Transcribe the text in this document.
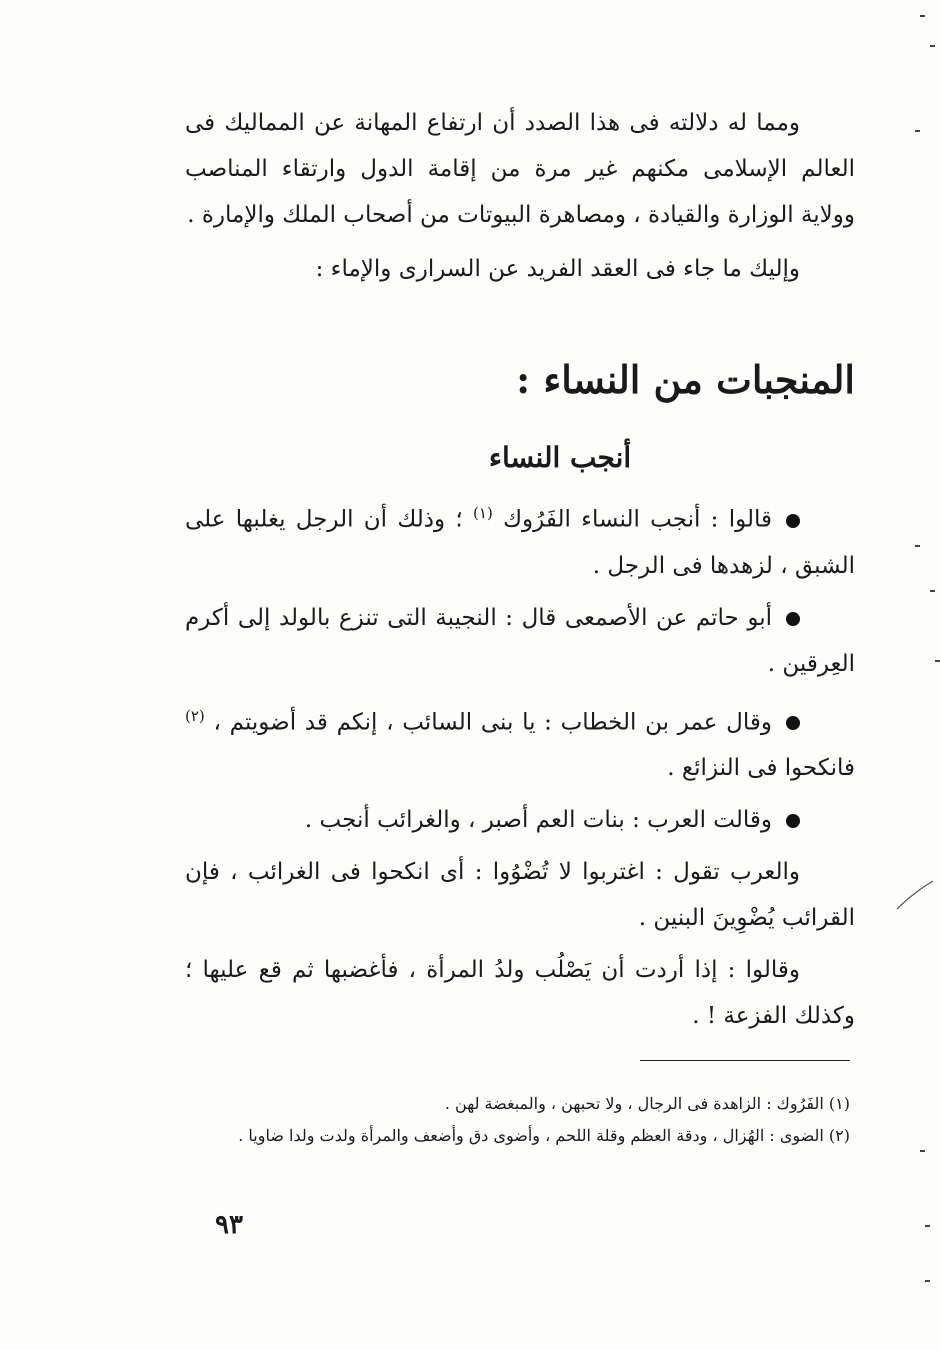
ومما له دلالته فى هذا الصدد أن ارتفاع المهانة عن المماليك فى العالم الإسلامى مكنهم غير مرة من إقامة الدول وارتقاء المناصب وولاية الوزارة والقيادة ، ومصاهرة البيوتات من أصحاب الملك والإمارة .

وإليك ما جاء فى العقد الفريد عن السرارى والإماء :

المنجبات من النساء :
أنجب النساء

قالوا : أنجب النساء الفَرُوك $^{(١)}$ ؛ وذلك أن الرجل يغلبها على الشبق ، لزهدها فى الرجل .

أبو حاتم عن الأصمعى قال : النجيبة التى تنزع بالولد إلى أكرم العِرقين .

وقال عمر بن الخطاب : يا بنى السائب ، إنكم قد أضويتم ، $^{(٢)}$ فانكحوا فى النزائع .

وقالت العرب : بنات العم أصبر ، والغرائب أنجب .

والعرب تقول : اغتربوا لا تُضْوُوا : أى انكحوا فى الغرائب ، فإن القرائب يُضْوِينَ البنين .

وقالوا : إذا أردت أن يَصْلُب ولدُ المرأة ، فأغضبها ثم قع عليها ؛ وكذلك الفزعة ! .

(١) الفَرُوك : الزاهدة فى الرجال ، ولا تحبهن ، والمبغضة لهن .

(٢) الضوى : الهُزال ، ودقة العظم وقلة اللحم ، وأضوى دق وأضعف والمرأة ولدت ولدا ضاويا .

٩٣
